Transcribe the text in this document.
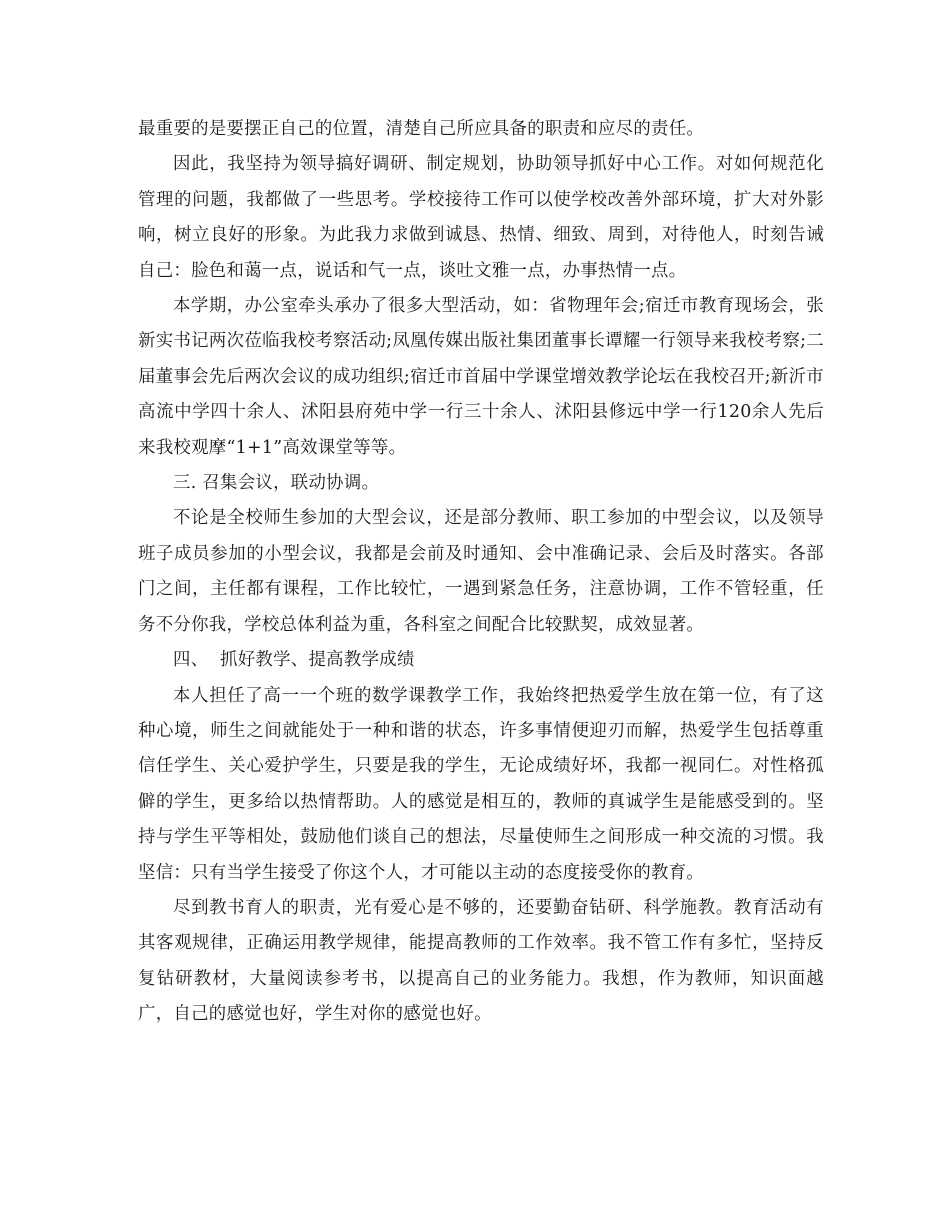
最重要的是要摆正自己的位置，清楚自己所应具备的职责和应尽的责任。

因此，我坚持为领导搞好调研、制定规划，协助领导抓好中心工作。对如何规范化管理的问题，我都做了一些思考。学校接待工作可以使学校改善外部环境，扩大对外影响，树立良好的形象。为此我力求做到诚恳、热情、细致、周到，对待他人，时刻告诫自己：脸色和蔼一点，说话和气一点，谈吐文雅一点，办事热情一点。

本学期，办公室牵头承办了很多大型活动，如：省物理年会;宿迁市教育现场会，张新实书记两次莅临我校考察活动;凤凰传媒出版社集团董事长谭耀一行领导来我校考察;二届董事会先后两次会议的成功组织;宿迁市首届中学课堂增效教学论坛在我校召开;新沂市高流中学四十余人、沭阳县府苑中学一行三十余人、沭阳县修远中学一行120余人先后来我校观摩“1+1”高效课堂等等。

三. 召集会议，联动协调。

不论是全校师生参加的大型会议，还是部分教师、职工参加的中型会议，以及领导班子成员参加的小型会议，我都是会前及时通知、会中准确记录、会后及时落实。各部门之间，主任都有课程，工作比较忙，一遇到紧急任务，注意协调，工作不管轻重，任务不分你我，学校总体利益为重，各科室之间配合比较默契，成效显著。

四、  抓好教学、提高教学成绩

本人担任了高一一个班的数学课教学工作，我始终把热爱学生放在第一位，有了这种心境，师生之间就能处于一种和谐的状态，许多事情便迎刃而解，热爱学生包括尊重信任学生、关心爱护学生，只要是我的学生，无论成绩好坏，我都一视同仁。对性格孤僻的学生，更多给以热情帮助。人的感觉是相互的，教师的真诚学生是能感受到的。坚持与学生平等相处，鼓励他们谈自己的想法，尽量使师生之间形成一种交流的习惯。我坚信：只有当学生接受了你这个人，才可能以主动的态度接受你的教育。

尽到教书育人的职责，光有爱心是不够的，还要勤奋钻研、科学施教。教育活动有其客观规律，正确运用教学规律，能提高教师的工作效率。我不管工作有多忙，坚持反复钻研教材，大量阅读参考书，以提高自己的业务能力。我想，作为教师，知识面越广，自己的感觉也好，学生对你的感觉也好。
